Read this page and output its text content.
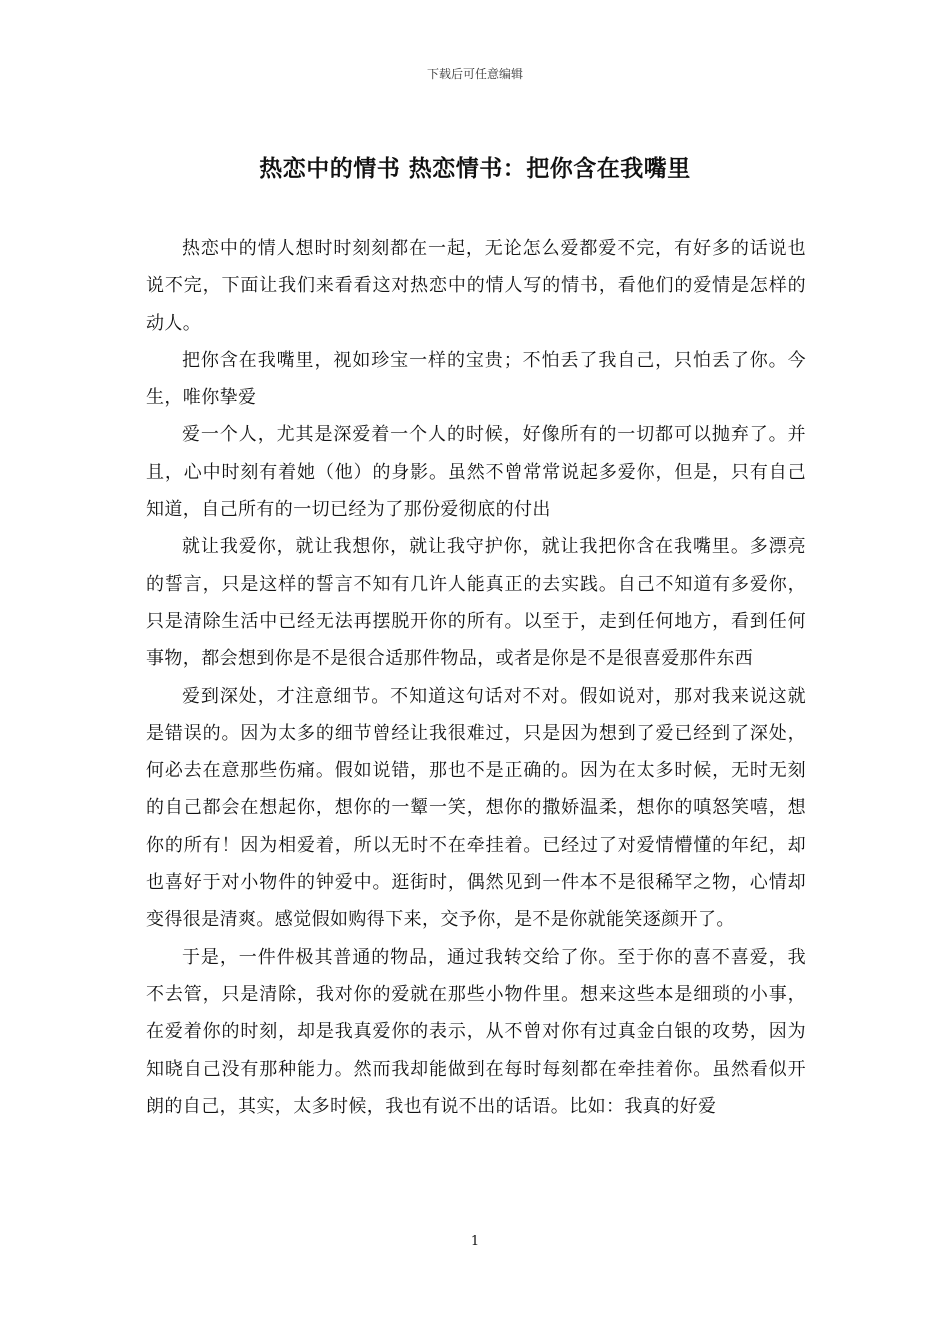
下载后可任意编辑
热恋中的情书 热恋情书：把你含在我嘴里

热恋中的情人想时时刻刻都在一起，无论怎么爱都爱不完，有好多的话说也说不完，下面让我们来看看这对热恋中的情人写的情书，看他们的爱情是怎样的动人。

把你含在我嘴里，视如珍宝一样的宝贵；不怕丢了我自己，只怕丢了你。今生，唯你挚爱

爱一个人，尤其是深爱着一个人的时候，好像所有的一切都可以抛弃了。并且，心中时刻有着她（他）的身影。虽然不曾常常说起多爱你，但是，只有自己知道，自己所有的一切已经为了那份爱彻底的付出

就让我爱你，就让我想你，就让我守护你，就让我把你含在我嘴里。多漂亮的誓言，只是这样的誓言不知有几许人能真正的去实践。自己不知道有多爱你，只是清除生活中已经无法再摆脱开你的所有。以至于，走到任何地方，看到任何事物，都会想到你是不是很合适那件物品，或者是你是不是很喜爱那件东西

爱到深处，才注意细节。不知道这句话对不对。假如说对，那对我来说这就是错误的。因为太多的细节曾经让我很难过，只是因为想到了爱已经到了深处，何必去在意那些伤痛。假如说错，那也不是正确的。因为在太多时候，无时无刻的自己都会在想起你，想你的一颦一笑，想你的撒娇温柔，想你的嗔怒笑嘻，想你的所有！因为相爱着，所以无时不在牵挂着。已经过了对爱情懵懂的年纪，却也喜好于对小物件的钟爱中。逛街时，偶然见到一件本不是很稀罕之物，心情却变得很是清爽。感觉假如购得下来，交予你，是不是你就能笑逐颜开了。

于是，一件件极其普通的物品，通过我转交给了你。至于你的喜不喜爱，我不去管，只是清除，我对你的爱就在那些小物件里。想来这些本是细琐的小事，在爱着你的时刻，却是我真爱你的表示，从不曾对你有过真金白银的攻势，因为知晓自己没有那种能力。然而我却能做到在每时每刻都在牵挂着你。虽然看似开朗的自己，其实，太多时候，我也有说不出的话语。比如：我真的好爱

1
